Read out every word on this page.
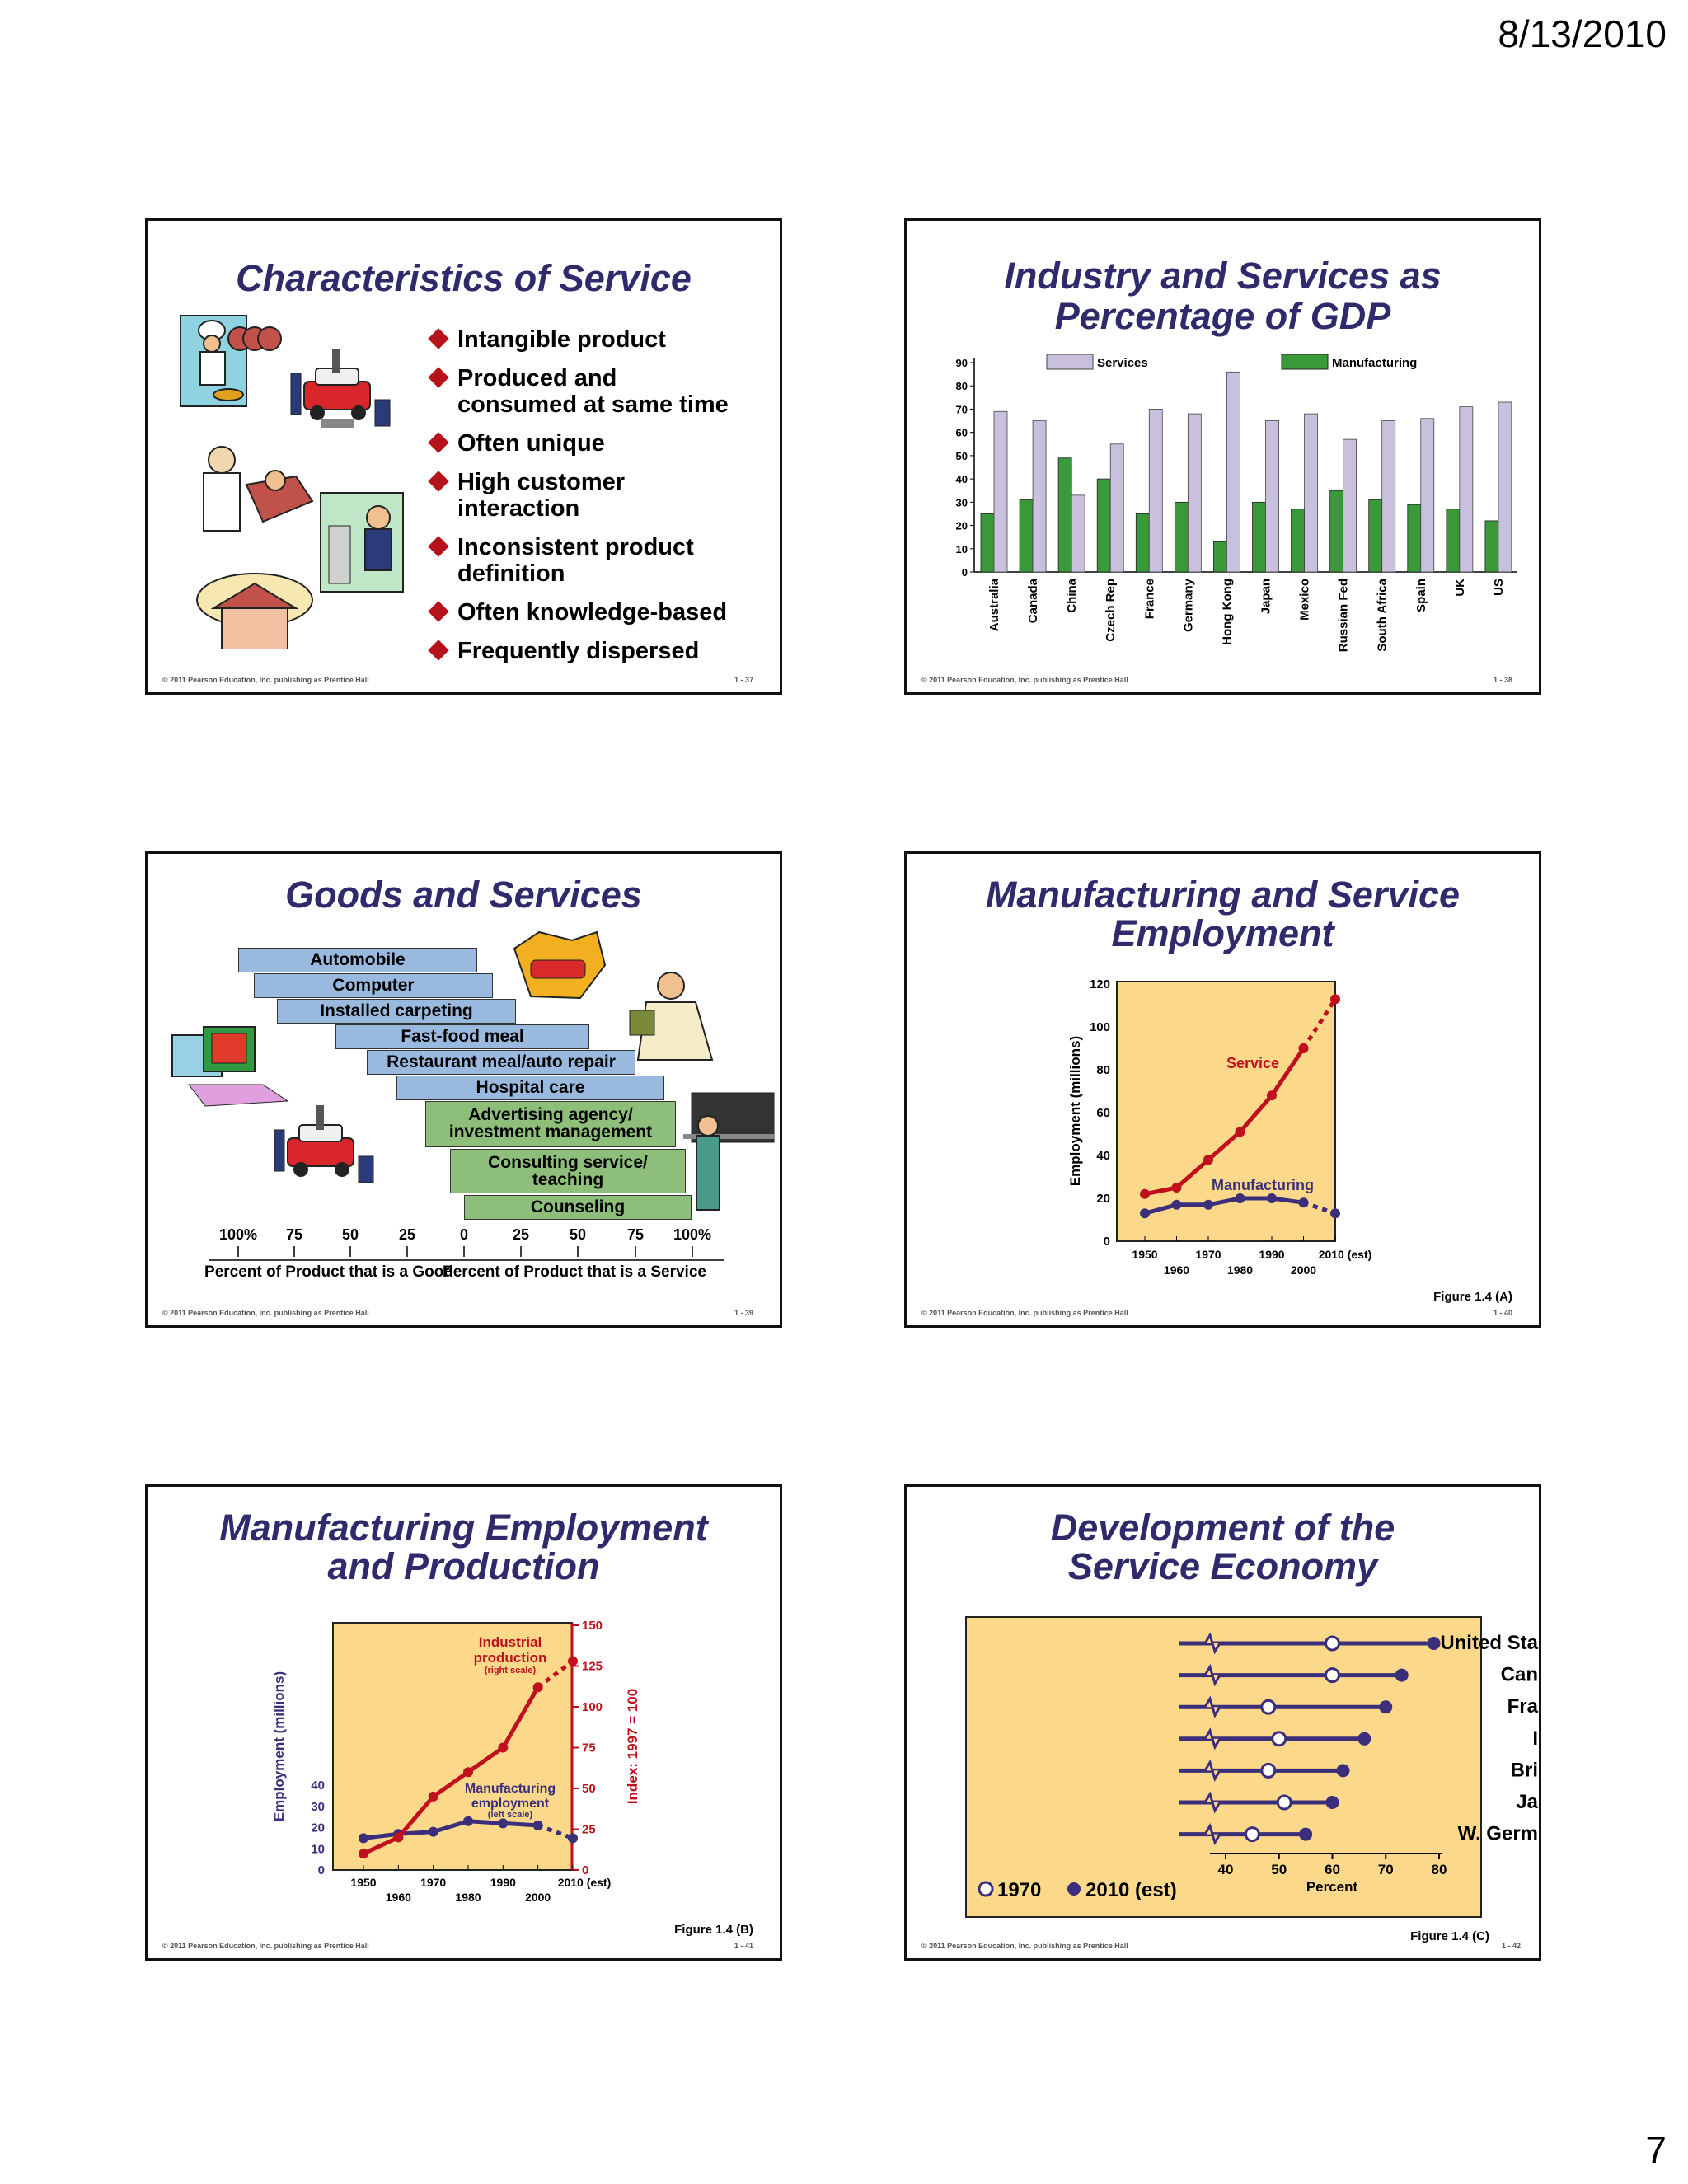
8/13/2010
Characteristics of Service
Intangible product
Produced and consumed at same time
Often unique
High customer interaction
Inconsistent product definition
Often knowledge-based
Frequently dispersed
© 2011 Pearson Education, Inc. publishing as Prentice Hall	1 - 37
Industry and Services as
Percentage of GDP
0
10
20
30
40
50
60
70
80
90
Australia Canada China Czech Rep France Germany Hong Kong Japan Mexico Russian Fed South Africa Spain UK US
Services	Manufacturing
© 2011 Pearson Education, Inc. publishing as Prentice Hall	1 - 38
Goods and Services
Automobile
Computer
Installed carpeting
Fast-food meal
Restaurant meal/auto repair
Hospital care
Advertising agency/ investment management
Consulting service/ teaching
Counseling
100% 75	50	25	0	25	50	75 100%
Percent of Product that is a Good
Percent of Product that is a Service
© 2011 Pearson Education, Inc. publishing as Prentice Hall	1 - 39
Manufacturing and Service
Employment
0
20
40
60
80
100
120
Employment (millions)
1950	1970	1990	2010 (est)
1960	1980	2000
Service
Manufacturing
Figure 1.4 (A)
© 2011 Pearson Education, Inc. publishing as Prentice Hall	1 - 40
Manufacturing Employment
and Production
0
10
20
30
40
0
25
50
75
100
125
150
Employment (millions)	Index: 1997 = 100
1950	1970	1990	2010 (est)
1960	1980	2000
Industrial
production
(right scale)
Manufacturing
employment
(left scale)
Figure 1.4 (B)
© 2011 Pearson Education, Inc. publishing as Prentice Hall	1 - 41
Development of the
Service Economy
United Sta
Can
Fra
I
Bri
Ja
W. Germ
40	50	60	70	80
Percent
1970 2010 (est)
Figure 1.4 (C)
© 2011 Pearson Education, Inc. publishing as Prentice Hall	1 - 42
7
